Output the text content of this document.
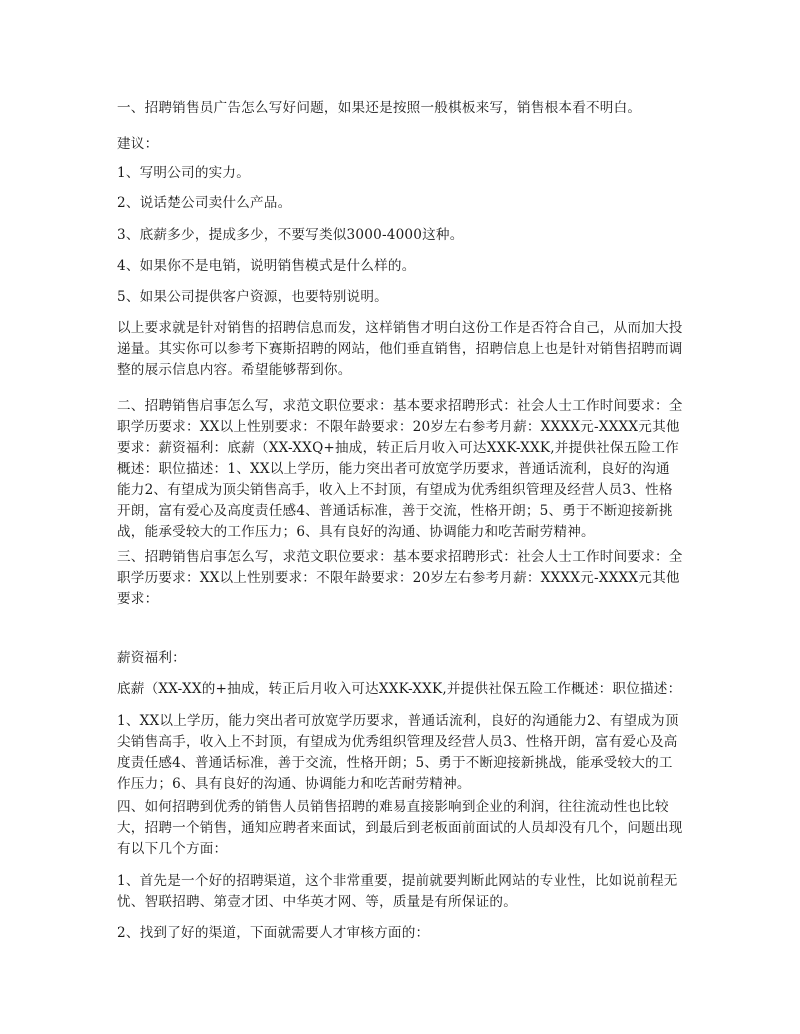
一、招聘销售员广告怎么写好问题，如果还是按照一般棋板来写，销售根本看不明白。

建议：

1、写明公司的实力。

2、说话楚公司卖什么产品。

3、底薪多少，提成多少，不要写类似3000-4000这种。

4、如果你不是电销，说明销售模式是什么样的。

5、如果公司提供客户资源，也要特别说明。

以上要求就是针对销售的招聘信息而发，这样销售才明白这份工作是否符合自己，从而加大投递量。其实你可以参考下赛斯招聘的网站，他们垂直销售，招聘信息上也是针对销售招聘而调整的展示信息内容。希望能够帮到你。

二、招聘销售启事怎么写，求范文职位要求：基本要求招聘形式：社会人士工作时间要求：全职学历要求：XX以上性别要求：不限年龄要求：20岁左右参考月薪：XXXX元-XXXX元其他要求：薪资福利：底薪（XX-XXQ+抽成，转正后月收入可达XXK-XXK,并提供社保五险工作概述：职位描述：1、XX以上学历，能力突出者可放宽学历要求，普通话流利，良好的沟通能力2、有望成为顶尖销售高手，收入上不封顶，有望成为优秀组织管理及经营人员3、性格开朗，富有爱心及高度责任感4、普通话标准，善于交流，性格开朗；5、勇于不断迎接新挑战，能承受较大的工作压力；6、具有良好的沟通、协调能力和吃苦耐劳精神。

三、招聘销售启事怎么写，求范文职位要求：基本要求招聘形式：社会人士工作时间要求：全职学历要求：XX以上性别要求：不限年龄要求：20岁左右参考月薪：XXXX元-XXXX元其他要求：

薪资福利：

底薪（XX-XX的+抽成，转正后月收入可达XXK-XXK,并提供社保五险工作概述：职位描述：

1、XX以上学历，能力突出者可放宽学历要求，普通话流利，良好的沟通能力2、有望成为顶尖销售高手，收入上不封顶，有望成为优秀组织管理及经营人员3、性格开朗，富有爱心及高度责任感4、普通话标准，善于交流，性格开朗；5、勇于不断迎接新挑战，能承受较大的工作压力；6、具有良好的沟通、协调能力和吃苦耐劳精神。

四、如何招聘到优秀的销售人员销售招聘的难易直接影响到企业的利润，往往流动性也比较大，招聘一个销售，通知应聘者来面试，到最后到老板面前面试的人员却没有几个，问题出现有以下几个方面：

1、首先是一个好的招聘渠道，这个非常重要，提前就要判断此网站的专业性，比如说前程无忧、智联招聘、第壹才团、中华英才网、等，质量是有所保证的。

2、找到了好的渠道，下面就需要人才审核方面的：
